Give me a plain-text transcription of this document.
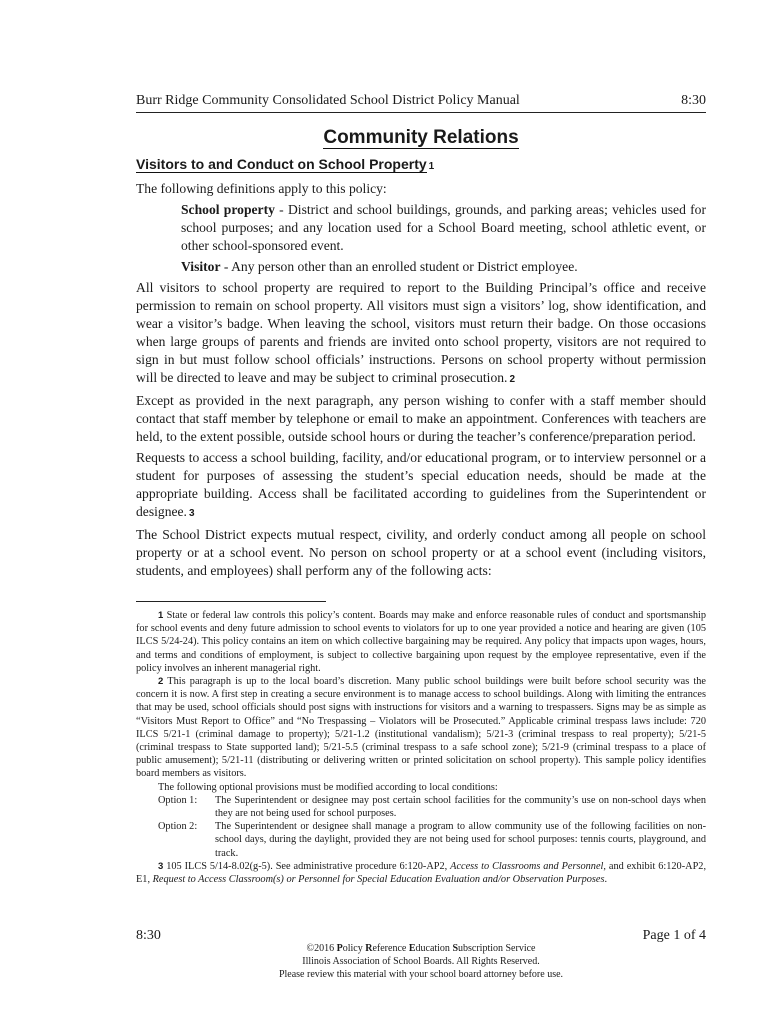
Burr Ridge Community Consolidated School District Policy Manual	8:30
Community Relations
Visitors to and Conduct on School Property 1

The following definitions apply to this policy:

School property - District and school buildings, grounds, and parking areas; vehicles used for school purposes; and any location used for a School Board meeting, school athletic event, or other school-sponsored event.

Visitor - Any person other than an enrolled student or District employee.

All visitors to school property are required to report to the Building Principal’s office and receive permission to remain on school property. All visitors must sign a visitors’ log, show identification, and wear a visitor’s badge. When leaving the school, visitors must return their badge. On those occasions when large groups of parents and friends are invited onto school property, visitors are not required to sign in but must follow school officials’ instructions. Persons on school property without permission will be directed to leave and may be subject to criminal prosecution. 2

Except as provided in the next paragraph, any person wishing to confer with a staff member should contact that staff member by telephone or email to make an appointment. Conferences with teachers are held, to the extent possible, outside school hours or during the teacher’s conference/preparation period.

Requests to access a school building, facility, and/or educational program, or to interview personnel or a student for purposes of assessing the student’s special education needs, should be made at the appropriate building. Access shall be facilitated according to guidelines from the Superintendent or designee. 3

The School District expects mutual respect, civility, and orderly conduct among all people on school property or at a school event. No person on school property or at a school event (including visitors, students, and employees) shall perform any of the following acts:

1 State or federal law controls this policy’s content. Boards may make and enforce reasonable rules of conduct and sportsmanship for school events and deny future admission to school events to violators for up to one year provided a notice and hearing are given (105 ILCS 5/24-24). This policy contains an item on which collective bargaining may be required. Any policy that impacts upon wages, hours, and terms and conditions of employment, is subject to collective bargaining upon request by the employee representative, even if the policy involves an inherent managerial right.

2 This paragraph is up to the local board’s discretion. Many public school buildings were built before school security was the concern it is now. A first step in creating a secure environment is to manage access to school buildings. Along with limiting the entrances that may be used, school officials should post signs with instructions for visitors and a warning to trespassers. Signs may be as simple as “Visitors Must Report to Office” and “No Trespassing – Violators will be Prosecuted.” Applicable criminal trespass laws include: 720 ILCS 5/21-1 (criminal damage to property); 5/21-1.2 (institutional vandalism); 5/21-3 (criminal trespass to real property); 5/21-5 (criminal trespass to State supported land); 5/21-5.5 (criminal trespass to a safe school zone); 5/21-9 (criminal trespass to a place of public amusement); 5/21-11 (distributing or delivering written or printed solicitation on school property). This sample policy identifies board members as visitors.

The following optional provisions must be modified according to local conditions:

Option 1:	The Superintendent or designee may post certain school facilities for the community’s use on non-school days when they are not being used for school purposes.
Option 2:	The Superintendent or designee shall manage a program to allow community use of the following facilities on non-school days, during the daylight, provided they are not being used for school purposes: tennis courts, playground, and track.

3 105 ILCS 5/14-8.02(g-5). See administrative procedure 6:120-AP2, Access to Classrooms and Personnel, and exhibit 6:120-AP2, E1, Request to Access Classroom(s) or Personnel for Special Education Evaluation and/or Observation Purposes.

8:30	Page 1 of 4
©2016 Policy Reference Education Subscription Service
Illinois Association of School Boards. All Rights Reserved.
Please review this material with your school board attorney before use.
